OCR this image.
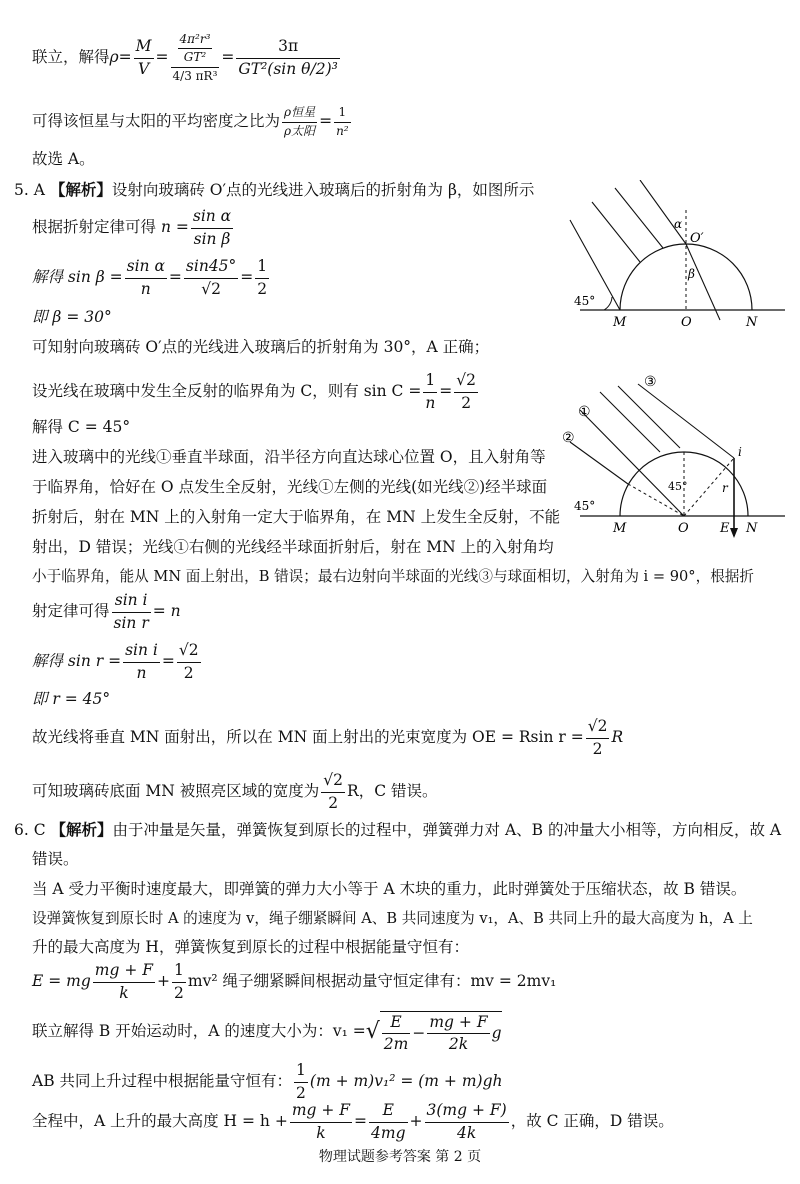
联立，解得 $\rho = \frac{M}{V} = \frac{\frac{\text{4π²r³}}{\text{GT²}}}{\text{4/3 πR³}} = \frac{3\pi}{\text{GT²(sin θ/2)³}}$
可得该恒星与太阳的平均密度之比为 $\frac{\text{ρ恒星}}{\text{ρ太阳}} = \frac{1}{\text{n²}}$
故选 A。
5. A 【解析】设射向玻璃砖 O′点的光线进入玻璃后的折射角为 β，如图所示
根据折射定律可得
$n = \frac{\text{sin α}}{\text{sin β}}$
解得 $\sin \beta = \frac{\text{sin α}}{n} = \frac{\sin 45^\circ}{√2} = \frac{1}{2}$
即 β = 30°
可知射向玻璃砖 O′点的光线进入玻璃后的折射角为 30°，A 正确；
设光线在玻璃中发生全反射的临界角为 C，则有 $\sin C = \frac{1}{n} = \frac{√2}{2}$
解得 C = 45°
进入玻璃中的光线①垂直半球面，沿半径方向直达球心位置 O，且入射角等
于临界角，恰好在 O 点发生全反射，光线①左侧的光线(如光线②)经半球面
折射后，射在 MN 上的入射角一定大于临界角，在 MN 上发生全反射，不能
射出，D 错误；光线①右侧的光线经半球面折射后，射在 MN 上的入射角均
小于临界角，能从 MN 面上射出，B 错误；最右边射向半球面的光线③与球面相切，入射角为 i = 90°，根据折
射定律可得 $\frac{\text{sin i}}{\text{sin r}} = n$
解得 $\sin r = \frac{\text{sin i}}{n} = \frac{√2}{2}$
即 r = 45°
故光线将垂直 MN 面射出，所以在 MN 面上射出的光束宽度为 OE = Rsin $r = \frac{√2}{2}$ R
可知玻璃砖底面 MN 被照亮区域的宽度为 $\frac{√2}{2}$ R，C 错误。
6. C 【解析】由于冲量是矢量，弹簧恢复到原长的过程中，弹簧弹力对 A、B 的冲量大小相等，方向相反，故 A
错误。
当 A 受力平衡时速度最大，即弹簧的弹力大小等于 A 木块的重力，此时弹簧处于压缩状态，故 B 错误。
设弹簧恢复到原长时 A 的速度为 v，绳子绷紧瞬间 A、B 共同速度为 v₁，A、B 共同上升的最大高度为 h，A 上
升的最大高度为 H，弹簧恢复到原长的过程中根据能量守恒有：
E = mg $\frac{mg + F}{k} + \frac{1}{2} mv^2$ 绳子绷紧瞬间根据动量守恒定律有：mv = 2mv₁
联立解得 B 开始运动时，A 的速度大小为：v₁ = √ $\frac{E}{2m} - \frac{mg + F}{2k}$ g
AB 共同上升过程中根据能量守恒有： $\frac{1}{2} (m + m)v_1^2 = (m + m)gh$
全程中，A 上升的最大高度 $H = h + \frac{mg + F}{k} = \frac{E}{4mg} + \frac{3(mg + F)}{4k}$ ，故 C 正确，D 错误。
α
O′
β
45°
M	O	N
③
①
②
i
r
45°
45°
M	O E N
物理试题参考答案 第 2 页
